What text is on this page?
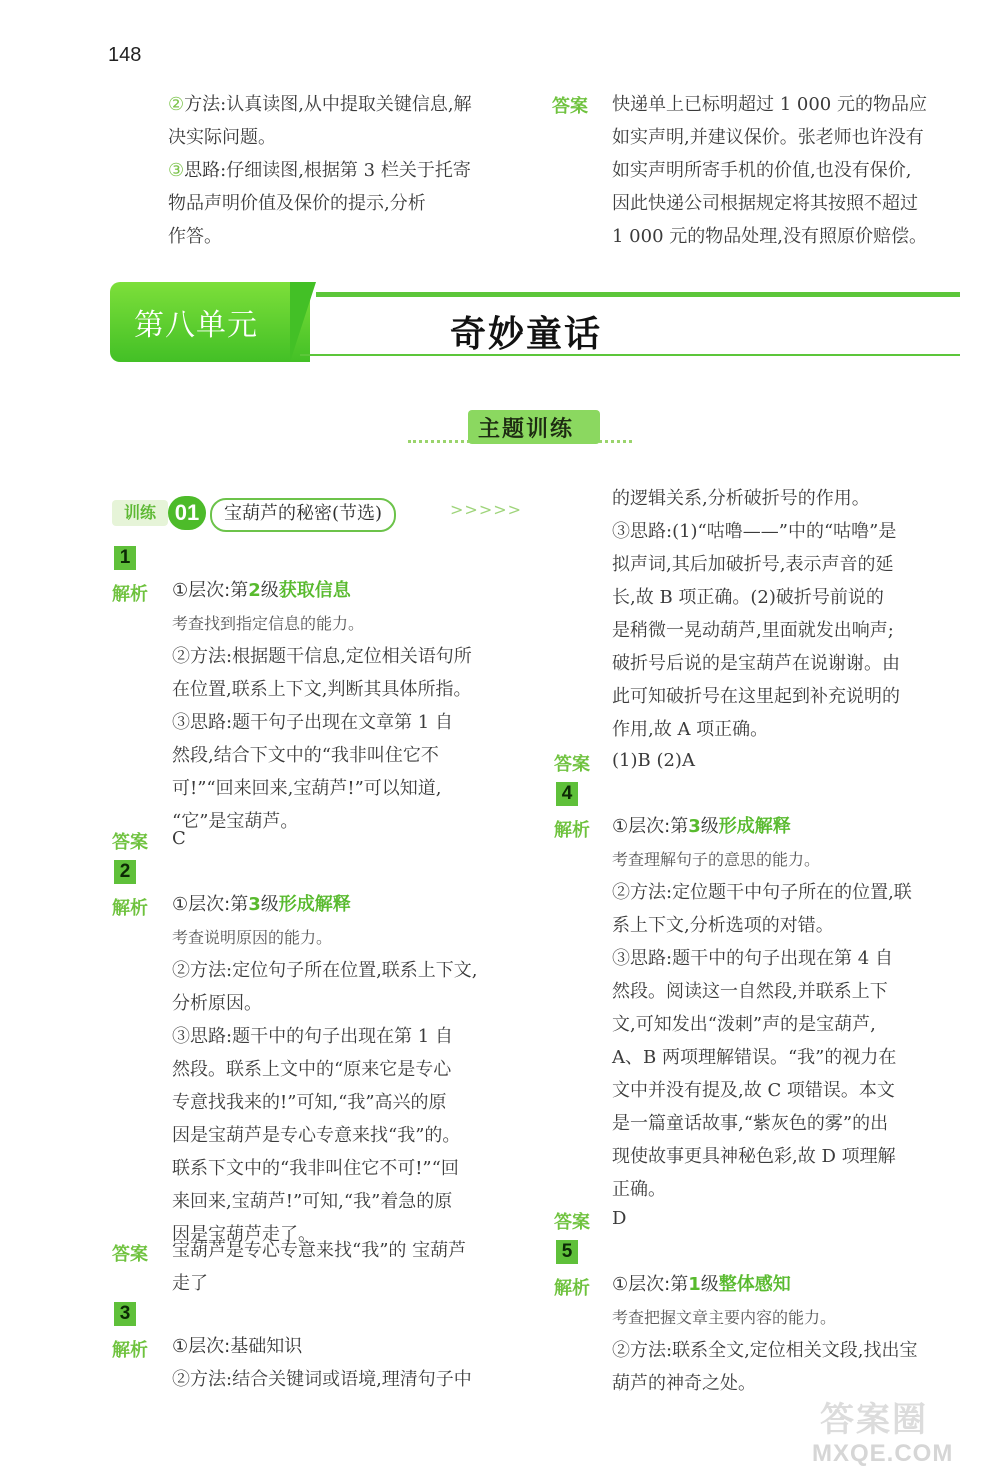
148
②方法:认真读图,从中提取关键信息,解
决实际问题。
③思路:仔细读图,根据第 3 栏关于托寄
物品声明价值及保价的提示,分析
作答。
答案 快递单上已标明超过 1 000 元的物品应
如实声明,并建议保价。张老师也许没有
如实声明所寄手机的价值,也没有保价,
因此快递公司根据规定将其按照不超过
1 000 元的物品处理,没有照原价赔偿。
第八单元	奇妙童话
主题训练
训练 01	宝葫芦的秘密(节选)	>>>>>
1
解析 ①层次:第2级获取信息
考查找到指定信息的能力。
②方法:根据题干信息,定位相关语句所
在位置,联系上下文,判断其具体所指。
③思路:题干句子出现在文章第 1 自
然段,结合下文中的“我非叫住它不
可!”“回来回来,宝葫芦!”可以知道,
“它”是宝葫芦。
答案 C
2
解析 ①层次:第3级形成解释
考查说明原因的能力。
②方法:定位句子所在位置,联系上下文,
分析原因。
③思路:题干中的句子出现在第 1 自
然段。联系上文中的“原来它是专心
专意找我来的!”可知,“我”高兴的原
因是宝葫芦是专心专意来找“我”的。
联系下文中的“我非叫住它不可!”“回
来回来,宝葫芦!”可知,“我”着急的原
因是宝葫芦走了。
答案 宝葫芦是专心专意来找“我”的 宝葫芦
走了
3
解析 ①层次:基础知识
②方法:结合关键词或语境,理清句子中
的逻辑关系,分析破折号的作用。
③思路:(1)“咕噜——”中的“咕噜”是
拟声词,其后加破折号,表示声音的延
长,故 B 项正确。(2)破折号前说的
是稍微一晃动葫芦,里面就发出响声;
破折号后说的是宝葫芦在说谢谢。由
此可知破折号在这里起到补充说明的
作用,故 A 项正确。
答案 (1)B (2)A
4
解析 ①层次:第3级形成解释
考查理解句子的意思的能力。
②方法:定位题干中句子所在的位置,联
系上下文,分析选项的对错。
③思路:题干中的句子出现在第 4 自
然段。阅读这一自然段,并联系上下
文,可知发出“泼刺”声的是宝葫芦,
A、B 两项理解错误。“我”的视力在
文中并没有提及,故 C 项错误。本文
是一篇童话故事,“紫灰色的雾”的出
现使故事更具神秘色彩,故 D 项理解
正确。
答案 D
5
解析 ①层次:第1级整体感知
考查把握文章主要内容的能力。
②方法:联系全文,定位相关文段,找出宝
葫芦的神奇之处。
答案圈
MXQE.COM
